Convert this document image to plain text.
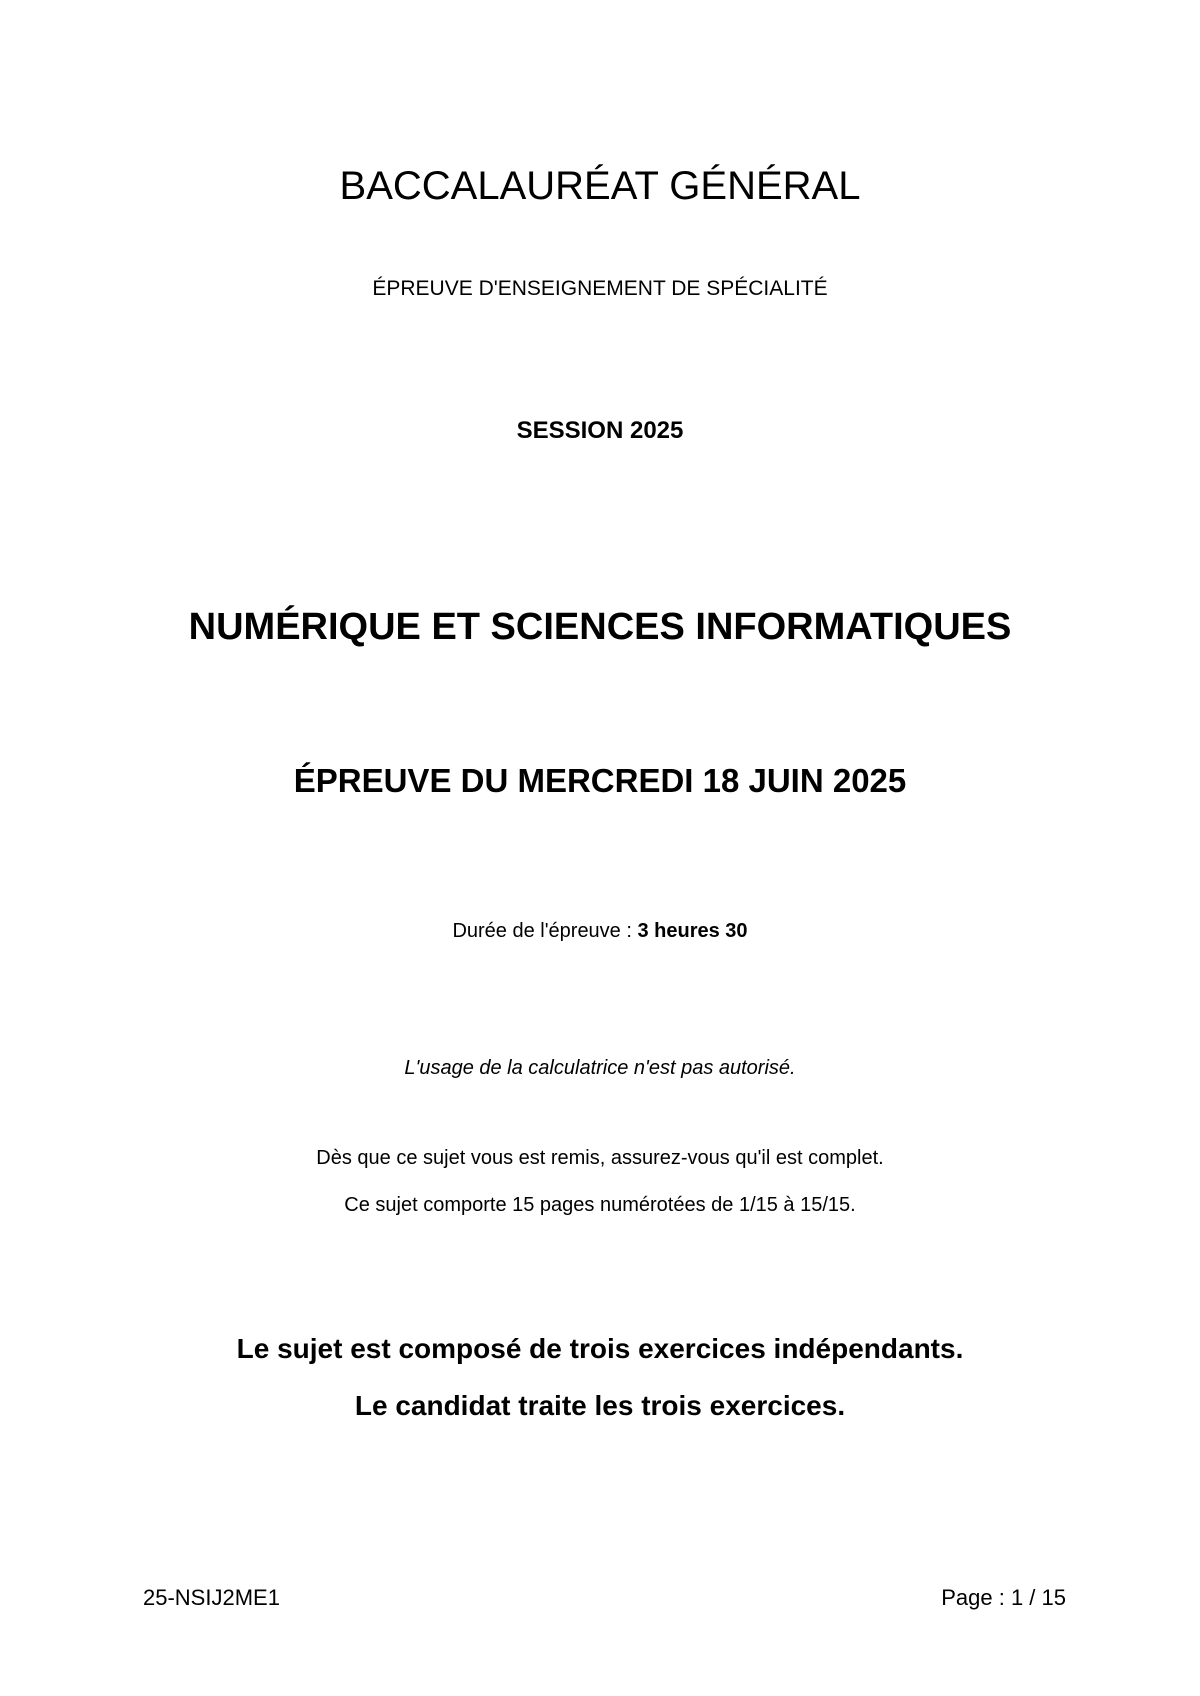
BACCALAURÉAT GÉNÉRAL
ÉPREUVE D'ENSEIGNEMENT DE SPÉCIALITÉ
SESSION 2025
NUMÉRIQUE ET SCIENCES INFORMATIQUES
ÉPREUVE DU MERCREDI 18 JUIN 2025
Durée de l'épreuve : 3 heures 30
L'usage de la calculatrice n'est pas autorisé.
Dès que ce sujet vous est remis, assurez-vous qu'il est complet.
Ce sujet comporte 15 pages numérotées de 1/15 à 15/15.
Le sujet est composé de trois exercices indépendants.
Le candidat traite les trois exercices.
25-NSIJ2ME1	Page : 1 / 15
